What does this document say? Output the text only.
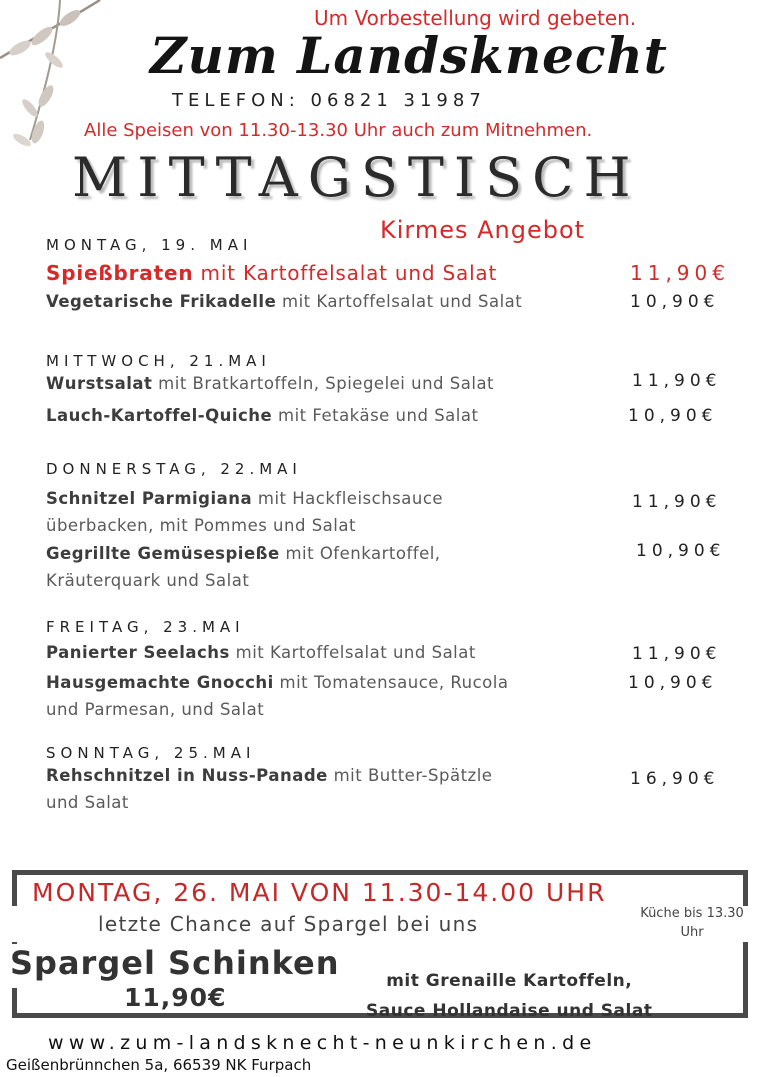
Um Vorbestellung wird gebeten.
Zum Landsknecht
TELEFON: 06821 31987
Alle Speisen von 11.30-13.30 Uhr auch zum Mitnehmen.
MITTAGSTISCH
Kirmes Angebot
MONTAG, 19. MAI
Spießbraten mit Kartoffelsalat und Salat	11,90€
Vegetarische Frikadelle mit Kartoffelsalat und Salat	10,90€
MITTWOCH, 21.MAI
Wurstsalat mit Bratkartoffeln, Spiegelei und Salat	11,90€
Lauch-Kartoffel-Quiche mit Fetakäse und Salat	10,90€
DONNERSTAG, 22.MAI
Schnitzel Parmigiana mit Hackfleischsauce
überbacken, mit Pommes und Salat
11,90€
Gegrillte Gemüsespieße mit Ofenkartoffel,
Kräuterquark und Salat
10,90€
FREITAG, 23.MAI
Panierter Seelachs mit Kartoffelsalat und Salat	11,90€
Hausgemachte Gnocchi mit Tomatensauce, Rucola
und Parmesan, und Salat
10,90€
SONNTAG, 25.MAI
Rehschnitzel in Nuss-Panade mit Butter-Spätzle
und Salat
16,90€
MONTAG, 26. MAI VON 11.30-14.00 UHR
letzte Chance auf Spargel bei uns	Küche bis 13.30 Uhr
Spargel Schinken
11,90€
mit Grenaille Kartoffeln,
Sauce Hollandaise und Salat
www.zum-landsknecht-neunkirchen.de
Geißenbrünnchen 5a, 66539 NK Furpach
